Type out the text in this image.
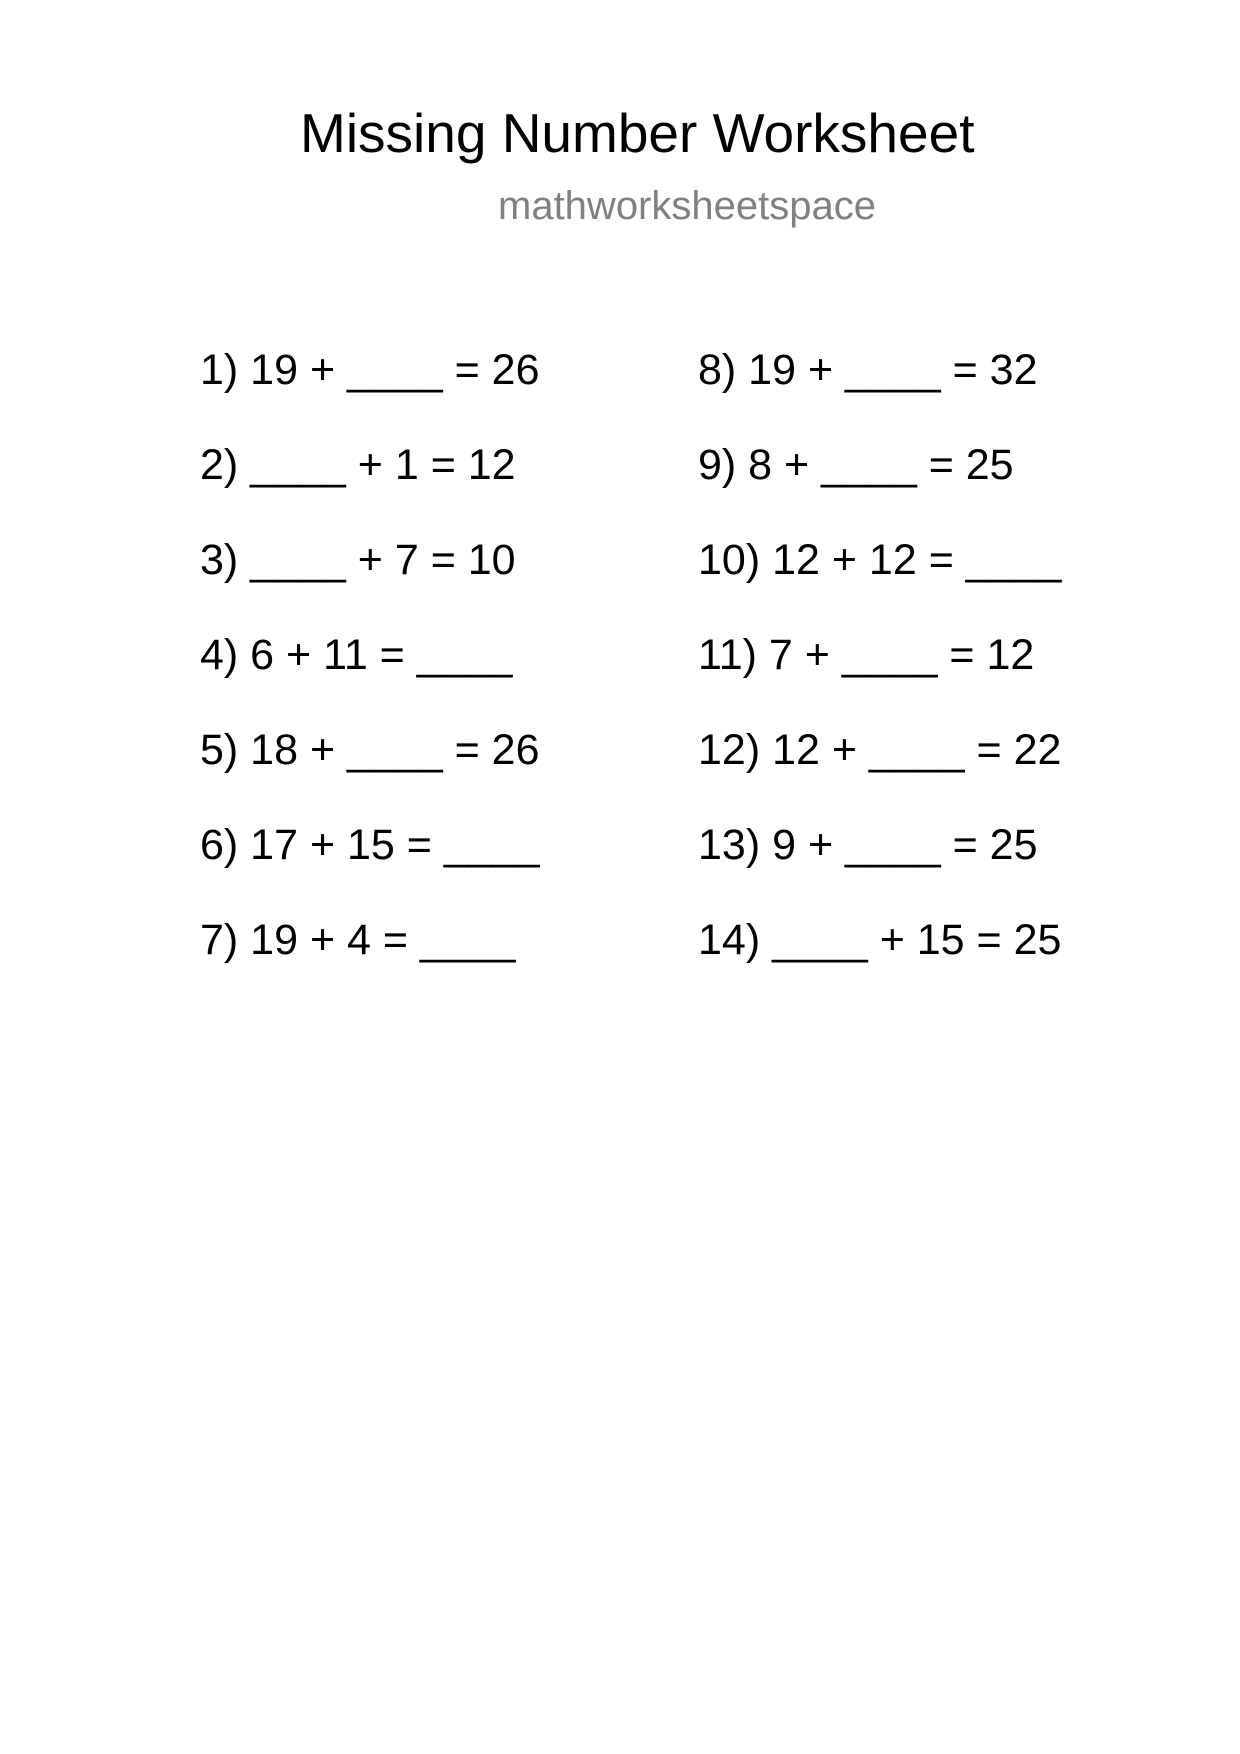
Missing Number Worksheet
mathworksheetspace
1) 19 + ____ = 26
2) ____ + 1 = 12
3) ____ + 7 = 10
4) 6 + 11 = ____
5) 18 + ____ = 26
6) 17 + 15 = ____
7) 19 + 4 = ____
8) 19 + ____ = 32
9) 8 + ____ = 25
10) 12 + 12 = ____
11) 7 + ____ = 12
12) 12 + ____ = 22
13) 9 + ____ = 25
14) ____ + 15 = 25
